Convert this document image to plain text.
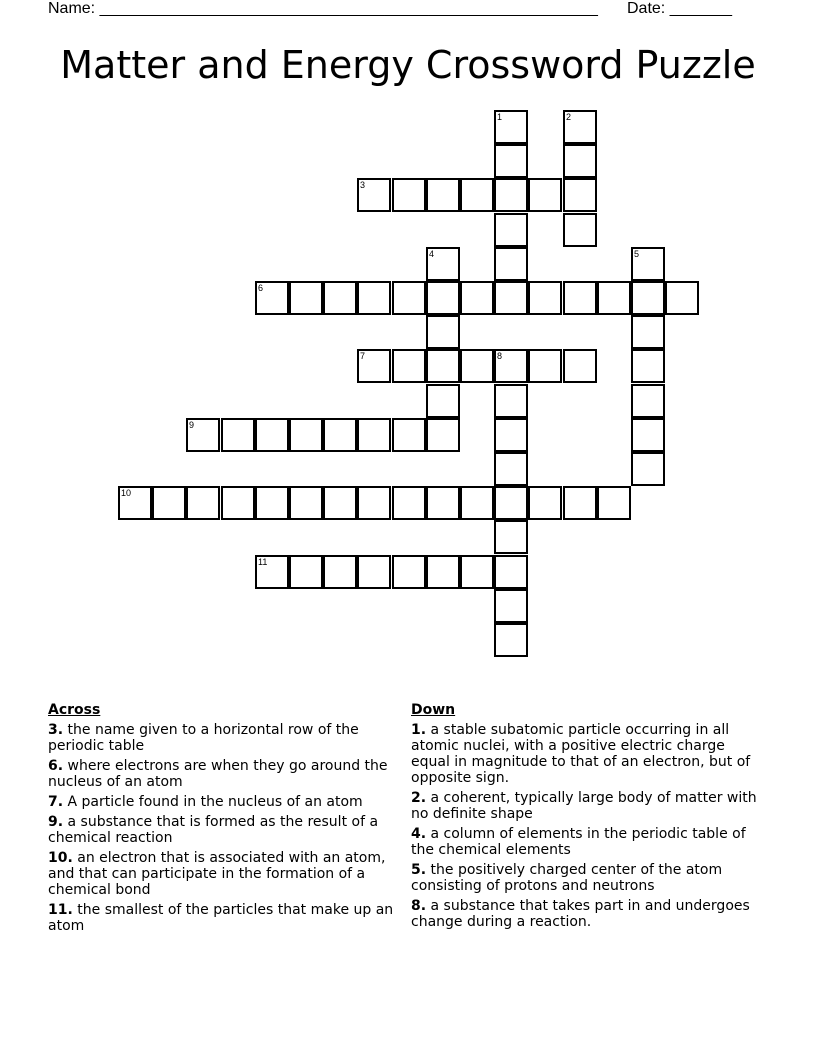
Name: ________________________________________________________ Date: _______
Matter and Energy Crossword Puzzle
3
6
7	8
9
10
11
1	2
4	5
Across
3. the name given to a horizontal row of the periodic table
6. where electrons are when they go around the nucleus of an atom
7. A particle found in the nucleus of an atom
9. a substance that is formed as the result of a chemical reaction
10. an electron that is associated with an atom, and that can participate in the formation of a chemical bond
11. the smallest of the particles that make up an atom
Down
1. a stable subatomic particle occurring in all atomic nuclei, with a positive electric charge equal in magnitude to that of an electron, but of opposite sign.
2. a coherent, typically large body of matter with no definite shape
4. a column of elements in the periodic table of the chemical elements
5. the positively charged center of the atom consisting of protons and neutrons
8. a substance that takes part in and undergoes change during a reaction.
